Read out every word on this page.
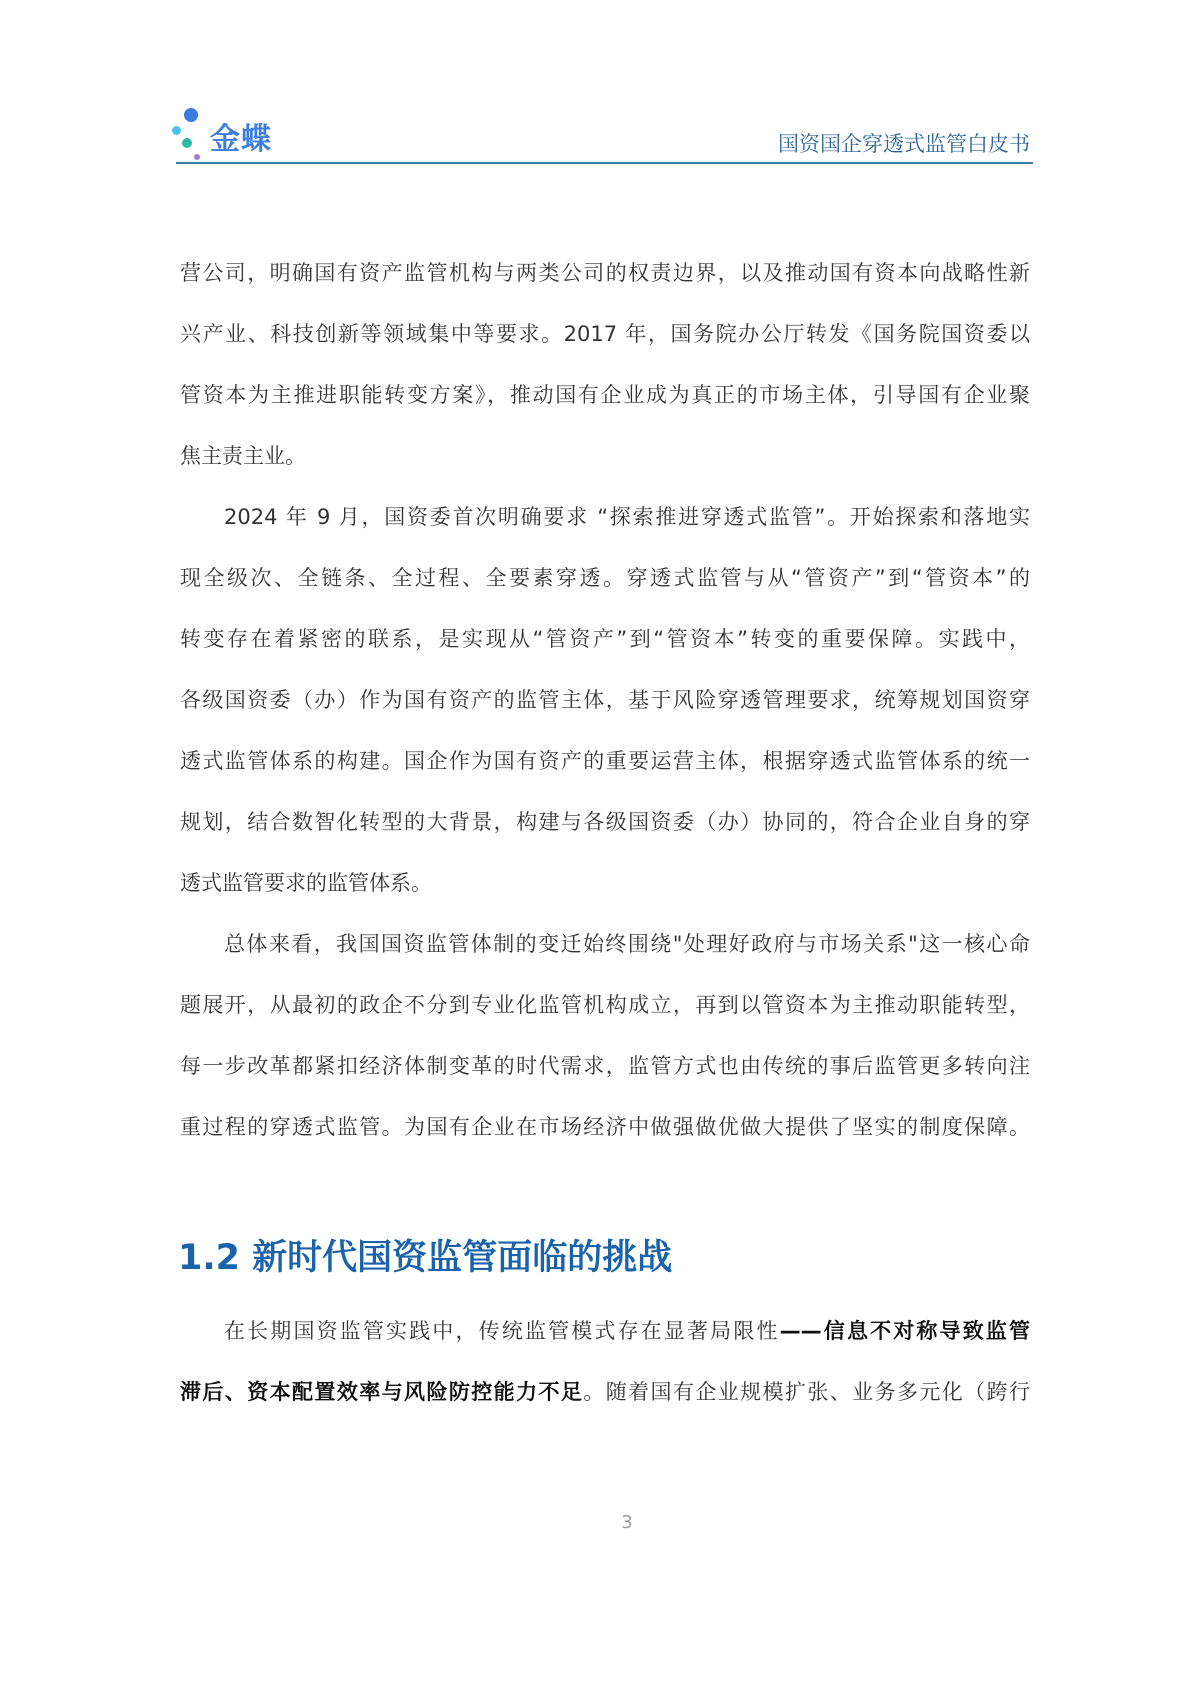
金蝶	国资国企穿透式监管白皮书
营公司，明确国有资产监管机构与两类公司的权责边界，以及推动国有资本向战略性新
兴产业、科技创新等领域集中等要求。2017 年，国务院办公厅转发《国务院国资委以
管资本为主推进职能转变方案》，推动国有企业成为真正的市场主体，引导国有企业聚
焦主责主业。
2024 年 9 月，国资委首次明确要求 “探索推进穿透式监管”。开始探索和落地实
现全级次、全链条、全过程、全要素穿透。穿透式监管与从“管资产”到“管资本”的
转变存在着紧密的联系，是实现从“管资产”到“管资本”转变的重要保障。实践中，
各级国资委（办）作为国有资产的监管主体，基于风险穿透管理要求，统筹规划国资穿
透式监管体系的构建。国企作为国有资产的重要运营主体，根据穿透式监管体系的统一
规划，结合数智化转型的大背景，构建与各级国资委（办）协同的，符合企业自身的穿
透式监管要求的监管体系。
总体来看，我国国资监管体制的变迁始终围绕"处理好政府与市场关系"这一核心命
题展开，从最初的政企不分到专业化监管机构成立，再到以管资本为主推动职能转型，
每一步改革都紧扣经济体制变革的时代需求，监管方式也由传统的事后监管更多转向注
重过程的穿透式监管。为国有企业在市场经济中做强做优做大提供了坚实的制度保障。
在长期国资监管实践中，传统监管模式存在显著局限性——信息不对称导致监管
滞后、资本配置效率与风险防控能力不足。随着国有企业规模扩张、业务多元化（跨行
1.2 新时代国资监管面临的挑战
3
